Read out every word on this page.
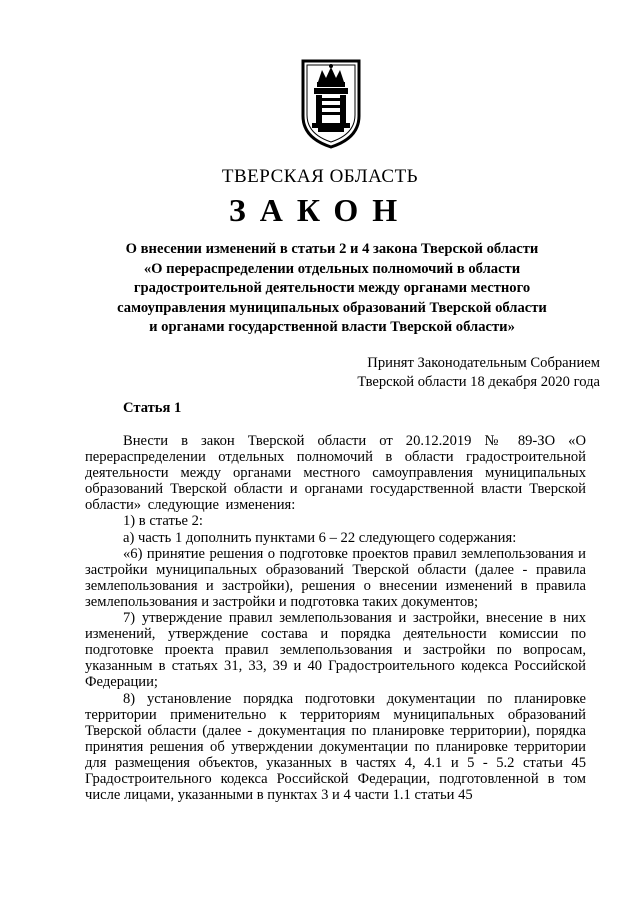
ТВЕРСКАЯ ОБЛАСТЬ
ЗАКОН
О внесении изменений в статьи 2 и 4 закона Тверской области
«О перераспределении отдельных полномочий в области
градостроительной деятельности между органами местного
самоуправления муниципальных образований Тверской области
и органами государственной власти Тверской области»
Принят Законодательным Собранием
Тверской области 18 декабря 2020 года
Статья 1

Внести в закон Тверской области от 20.12.2019 № 89-ЗО «О перераспределении отдельных полномочий в области градостроительной деятельности между органами местного самоуправления муниципальных образований Тверской области и органами государственной власти Тверской области» следующие изменения:

1) в статье 2:

а) часть 1 дополнить пунктами 6 – 22 следующего содержания:

«6) принятие решения о подготовке проектов правил землепользования и застройки муниципальных образований Тверской области (далее - правила землепользования и застройки), решения о внесении изменений в правила землепользования и застройки и подготовка таких документов;

7) утверждение правил землепользования и застройки, внесение в них изменений, утверждение состава и порядка деятельности комиссии по подготовке проекта правил землепользования и застройки по вопросам, указанным в статьях 31, 33, 39 и 40 Градостроительного кодекса Российской Федерации;

8) установление порядка подготовки документации по планировке территории применительно к территориям муниципальных образований Тверской области (далее - документация по планировке территории), порядка принятия решения об утверждении документации по планировке территории для размещения объектов, указанных в частях 4, 4.1 и 5 - 5.2 статьи 45 Градостроительного кодекса Российской Федерации, подготовленной в том числе лицами, указанными в пунктах 3 и 4 части 1.1 статьи 45
